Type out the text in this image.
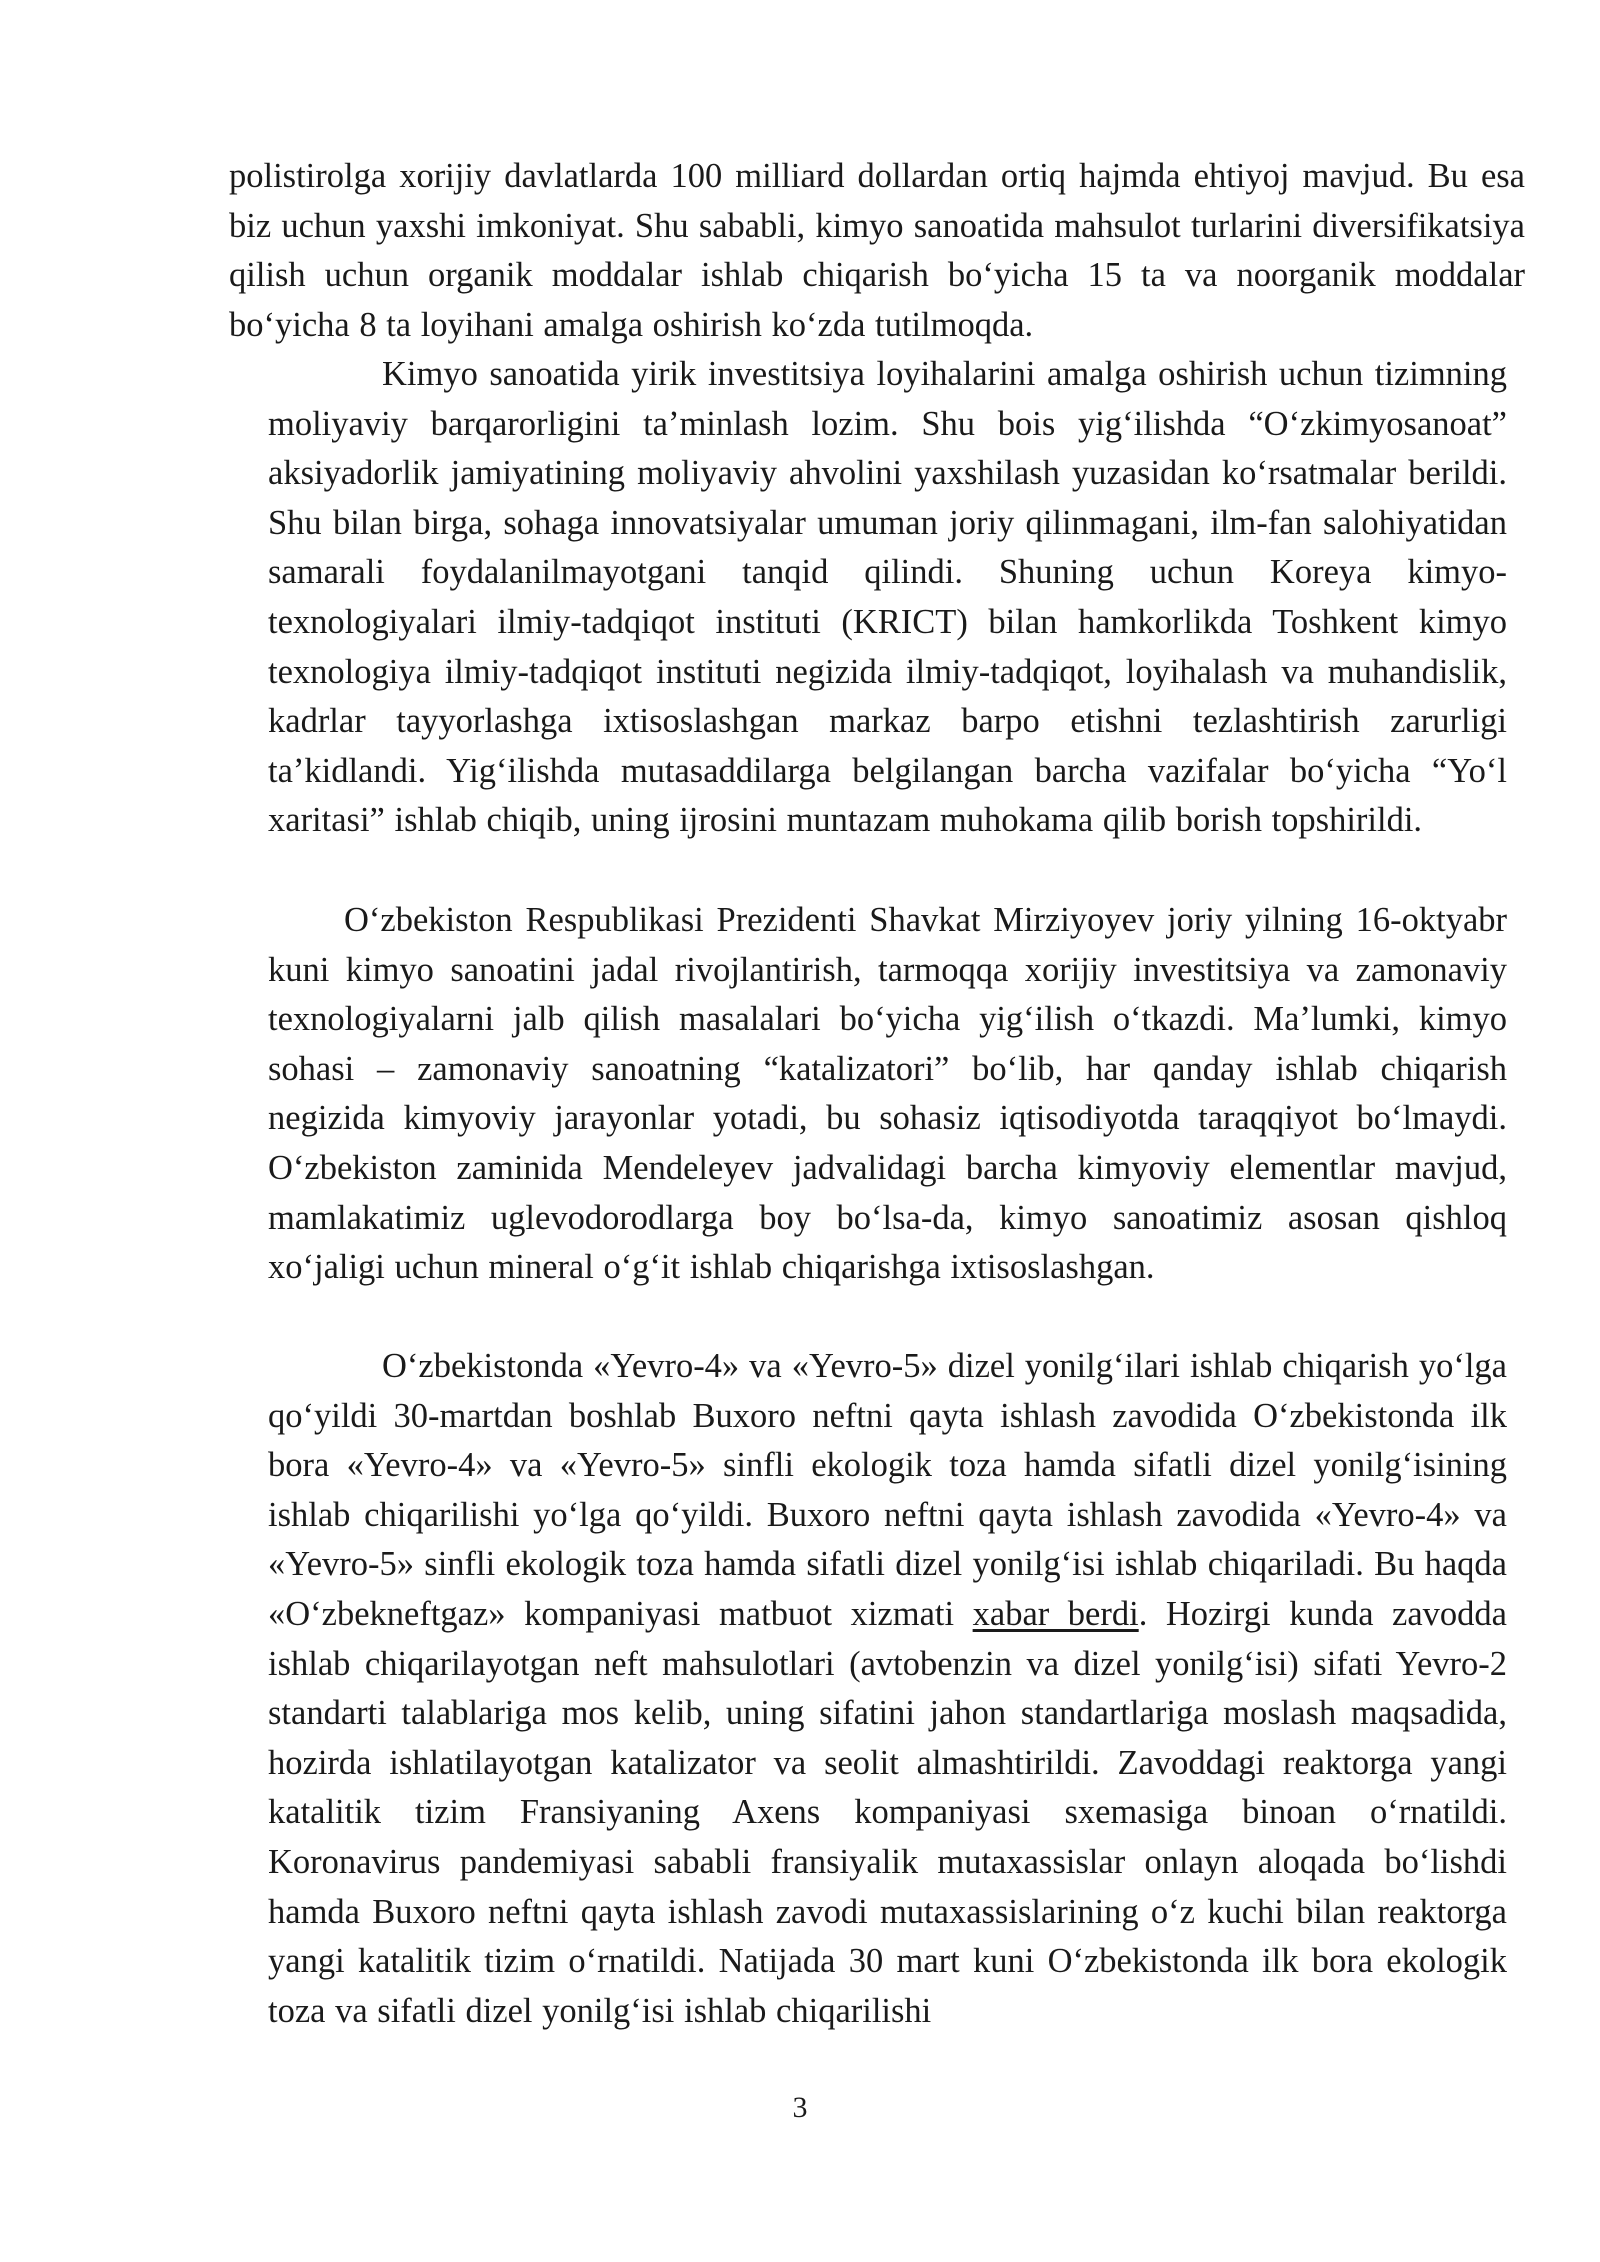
polistirolga xorijiy davlatlarda 100 milliard dollardan ortiq hajmda ehtiyoj mavjud. Bu esa biz uchun yaxshi imkoniyat. Shu sababli, kimyo sanoatida mahsulot turlarini diversifikatsiya qilish uchun organik moddalar ishlab chiqarish boʻyicha 15 ta va noorganik moddalar boʻyicha 8 ta loyihani amalga oshirish koʻzda tutilmoqda.

Kimyo sanoatida yirik investitsiya loyihalarini amalga oshirish uchun tizimning moliyaviy barqarorligini taʼminlash lozim. Shu bois yigʻilishda “Oʻzkimyosanoat” aksiyadorlik jamiyatining moliyaviy ahvolini yaxshilash yuzasidan koʻrsatmalar berildi. Shu bilan birga, sohaga innovatsiyalar umuman joriy qilinmagani, ilm-fan salohiyatidan samarali foydalanilmayotgani tanqid qilindi. Shuning uchun Koreya kimyo-texnologiyalari ilmiy-tadqiqot instituti (KRICT) bilan hamkorlikda Toshkent kimyo texnologiya ilmiy-tadqiqot instituti negizida ilmiy-tadqiqot, loyihalash va muhandislik, kadrlar tayyorlashga ixtisoslashgan markaz barpo etishni tezlashtirish zarurligi taʼkidlandi. Yigʻilishda mutasaddilarga belgilangan barcha vazifalar boʻyicha “Yoʻl xaritasi” ishlab chiqib, uning ijrosini muntazam muhokama qilib borish topshirildi.

Oʻzbekiston Respublikasi Prezidenti Shavkat Mirziyoyev joriy yilning 16-oktyabr kuni kimyo sanoatini jadal rivojlantirish, tarmoqqa xorijiy investitsiya va zamonaviy texnologiyalarni jalb qilish masalalari boʻyicha yigʻilish oʻtkazdi. Maʼlumki, kimyo sohasi – zamonaviy sanoatning “katalizatori” boʻlib, har qanday ishlab chiqarish negizida kimyoviy jarayonlar yotadi, bu sohasiz iqtisodiyotda taraqqiyot boʻlmaydi. Oʻzbekiston zaminida Mendeleyev jadvalidagi barcha kimyoviy elementlar mavjud, mamlakatimiz uglevodorodlarga boy boʻlsa-da, kimyo sanoatimiz asosan qishloq xoʻjaligi uchun mineral oʻgʻit ishlab chiqarishga ixtisoslashgan.

Oʻzbekistonda «Yevro-4» va «Yevro-5» dizel yonilgʻilari ishlab chiqarish yoʻlga qoʻyildi 30-martdan boshlab Buxoro neftni qayta ishlash zavodida Oʻzbekistonda ilk bora «Yevro-4» va «Yevro-5» sinfli ekologik toza hamda sifatli dizel yonilgʻisining ishlab chiqarilishi yoʻlga qoʻyildi. Buxoro neftni qayta ishlash zavodida «Yevro-4» va «Yevro-5» sinfli ekologik toza hamda sifatli dizel yonilgʻisi ishlab chiqariladi. Bu haqda «Oʻzbekneftgaz» kompaniyasi matbuot xizmati xabar berdi. Hozirgi kunda zavodda ishlab chiqarilayotgan neft mahsulotlari (avtobenzin va dizel yonilgʻisi) sifati Yevro-2 standarti talablariga mos kelib, uning sifatini jahon standartlariga moslash maqsadida, hozirda ishlatilayotgan katalizator va seolit almashtirildi. Zavoddagi reaktorga yangi katalitik tizim Fransiyaning Axens kompaniyasi sxemasiga binoan oʻrnatildi. Koronavirus pandemiyasi sababli fransiyalik mutaxassislar onlayn aloqada boʻlishdi hamda Buxoro neftni qayta ishlash zavodi mutaxassislarining oʻz kuchi bilan reaktorga yangi katalitik tizim oʻrnatildi. Natijada 30 mart kuni Oʻzbekistonda ilk bora ekologik toza va sifatli dizel yonilgʻisi ishlab chiqarilishi

3
